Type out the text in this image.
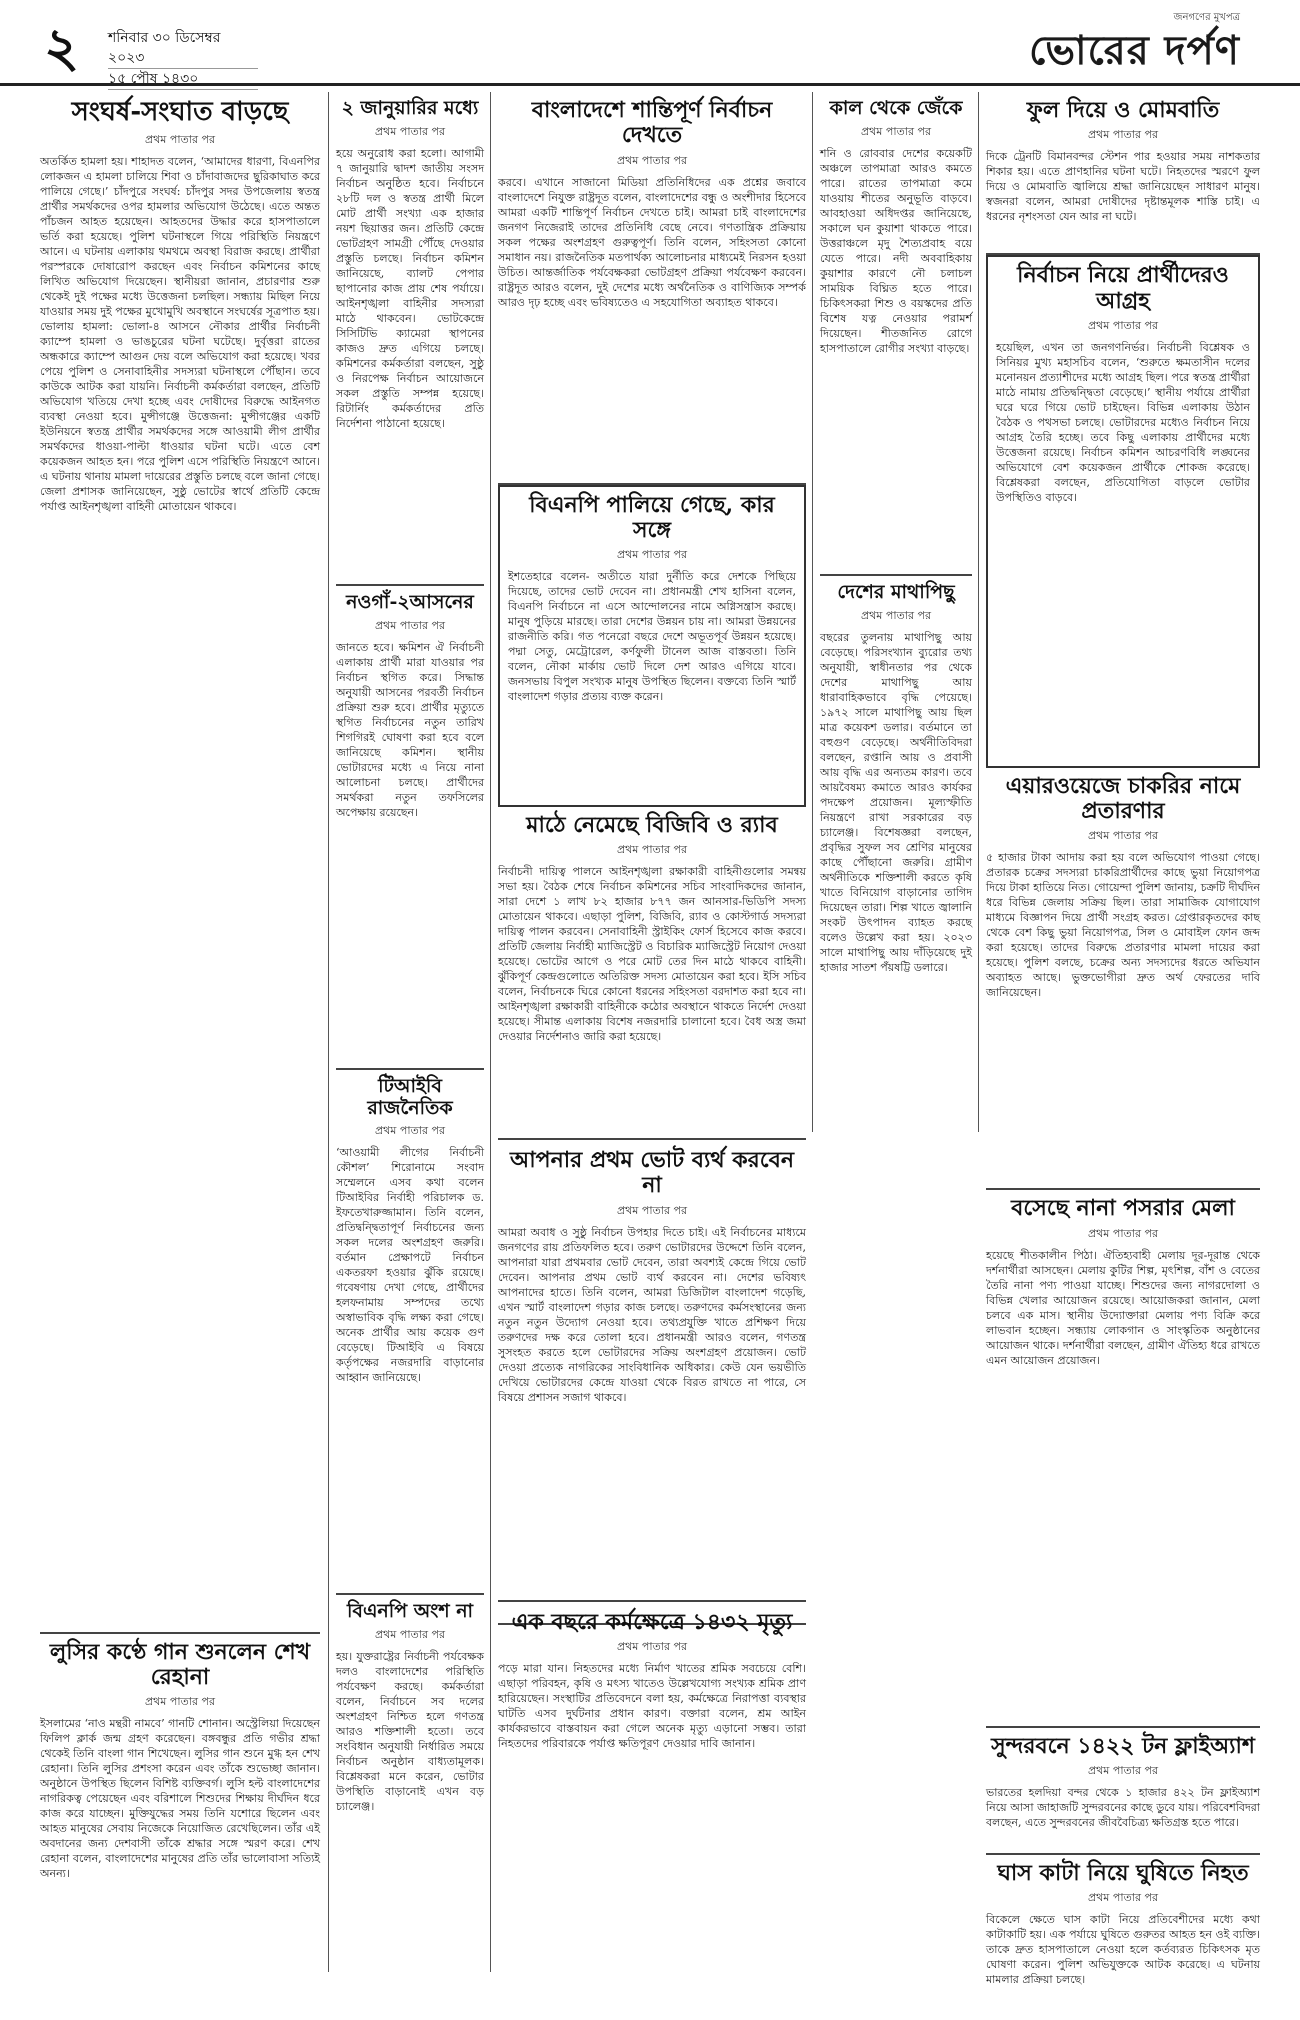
২ শনিবার ৩০ ডিসেম্বর ২০২৩
১৫ পৌষ ১৪৩০
জনগণের মুখপত্র
ভোরের দর্পণ
সংঘর্ষ-সংঘাত বাড়ছে
প্রথম পাতার পর
অতর্কিত হামলা হয়। শাহাদত বলেন, ‘আমাদের ধারণা, বিএনপির লোকজন এ হামলা চালিয়ে শিবা ও চাঁদাবাজদের ছুরিকাঘাত করে পালিয়ে গেছে।’ চাঁদপুরে সংঘর্ষ: চাঁদপুর সদর উপজেলায় স্বতন্ত্র প্রার্থীর সমর্থকদের ওপর হামলার অভিযোগ উঠেছে। এতে অন্তত পাঁচজন আহত হয়েছেন। আহতদের উদ্ধার করে হাসপাতালে ভর্তি করা হয়েছে। পুলিশ ঘটনাস্থলে গিয়ে পরিস্থিতি নিয়ন্ত্রণে আনে। এ ঘটনায় এলাকায় থমথমে অবস্থা বিরাজ করছে। প্রার্থীরা পরস্পরকে দোষারোপ করছেন এবং নির্বাচন কমিশনের কাছে লিখিত অভিযোগ দিয়েছেন। স্থানীয়রা জানান, প্রচারণার শুরু থেকেই দুই পক্ষের মধ্যে উত্তেজনা চলছিল। সন্ধ্যায় মিছিল নিয়ে যাওয়ার সময় দুই পক্ষের মুখোমুখি অবস্থানে সংঘর্ষের সূত্রপাত হয়। ভোলায় হামলা: ভোলা-৪ আসনে নৌকার প্রার্থীর নির্বাচনী ক্যাম্পে হামলা ও ভাঙচুরের ঘটনা ঘটেছে। দুর্বৃত্তরা রাতের অন্ধকারে ক্যাম্পে আগুন দেয় বলে অভিযোগ করা হয়েছে। খবর পেয়ে পুলিশ ও সেনাবাহিনীর সদস্যরা ঘটনাস্থলে পৌঁছান। তবে কাউকে আটক করা যায়নি। নির্বাচনী কর্মকর্তারা বলছেন, প্রতিটি অভিযোগ খতিয়ে দেখা হচ্ছে এবং দোষীদের বিরুদ্ধে আইনগত ব্যবস্থা নেওয়া হবে। মুন্সীগঞ্জে উত্তেজনা: মুন্সীগঞ্জের একটি ইউনিয়নে স্বতন্ত্র প্রার্থীর সমর্থকদের সঙ্গে আওয়ামী লীগ প্রার্থীর সমর্থকদের ধাওয়া-পাল্টা ধাওয়ার ঘটনা ঘটে। এতে বেশ কয়েকজন আহত হন। পরে পুলিশ এসে পরিস্থিতি নিয়ন্ত্রণে আনে। এ ঘটনায় থানায় মামলা দায়েরের প্রস্তুতি চলছে বলে জানা গেছে। জেলা প্রশাসক জানিয়েছেন, সুষ্ঠু ভোটের স্বার্থে প্রতিটি কেন্দ্রে পর্যাপ্ত আইনশৃঙ্খলা বাহিনী মোতায়েন থাকবে।
লুসির কণ্ঠে গান শুনলেন শেখ রেহানা
প্রথম পাতার পর
ইসলামের ‘নাও মন্থরী নামবে’ গানটি শোনান। অস্ট্রেলিয়া দিয়েছেন ফিলিপ ক্লার্ক জন্ম গ্রহণ করেছেন। বঙ্গবন্ধুর প্রতি গভীর শ্রদ্ধা থেকেই তিনি বাংলা গান শিখেছেন। লুসির গান শুনে মুগ্ধ হন শেখ রেহানা। তিনি লুসির প্রশংসা করেন এবং তাঁকে শুভেচ্ছা জানান। অনুষ্ঠানে উপস্থিত ছিলেন বিশিষ্ট ব্যক্তিবর্গ। লুসি হল্ট বাংলাদেশের নাগরিকত্ব পেয়েছেন এবং বরিশালে শিশুদের শিক্ষায় দীর্ঘদিন ধরে কাজ করে যাচ্ছেন। মুক্তিযুদ্ধের সময় তিনি যশোরে ছিলেন এবং আহত মানুষের সেবায় নিজেকে নিয়োজিত রেখেছিলেন। তাঁর এই অবদানের জন্য দেশবাসী তাঁকে শ্রদ্ধার সঙ্গে স্মরণ করে। শেখ রেহানা বলেন, বাংলাদেশের মানুষের প্রতি তাঁর ভালোবাসা সত্যিই অনন্য।
২ জানুয়ারির মধ্যে
প্রথম পাতার পর
হয়ে অনুরোধ করা হলো। আগামী ৭ জানুয়ারি দ্বাদশ জাতীয় সংসদ নির্বাচন অনুষ্ঠিত হবে। নির্বাচনে ২৮টি দল ও স্বতন্ত্র প্রার্থী মিলে মোট প্রার্থী সংখ্যা এক হাজার নয়শ ছিয়াত্তর জন। প্রতিটি কেন্দ্রে ভোটগ্রহণ সামগ্রী পৌঁছে দেওয়ার প্রস্তুতি চলছে। নির্বাচন কমিশন জানিয়েছে, ব্যালট পেপার ছাপানোর কাজ প্রায় শেষ পর্যায়ে। আইনশৃঙ্খলা বাহিনীর সদস্যরা মাঠে থাকবেন। ভোটকেন্দ্রে সিসিটিভি ক্যামেরা স্থাপনের কাজও দ্রুত এগিয়ে চলছে। কমিশনের কর্মকর্তারা বলছেন, সুষ্ঠু ও নিরপেক্ষ নির্বাচন আয়োজনে সকল প্রস্তুতি সম্পন্ন হয়েছে। রিটার্নিং কর্মকর্তাদের প্রতি নির্দেশনা পাঠানো হয়েছে।
নওগাঁ-২আসনের
প্রথম পাতার পর
জানতে হবে। ক্ষমিশন ঐ নির্বাচনী এলাকায় প্রার্থী মারা যাওয়ার পর নির্বাচন স্থগিত করে। সিদ্ধান্ত অনুযায়ী আসনের পরবর্তী নির্বাচন প্রক্রিয়া শুরু হবে। প্রার্থীর মৃত্যুতে স্থগিত নির্বাচনের নতুন তারিখ শিগগিরই ঘোষণা করা হবে বলে জানিয়েছে কমিশন। স্থানীয় ভোটারদের মধ্যে এ নিয়ে নানা আলোচনা চলছে। প্রার্থীদের সমর্থকরা নতুন তফসিলের অপেক্ষায় রয়েছেন।
টিআইবি রাজনৈতিক
প্রথম পাতার পর
‘আওয়ামী লীগের নির্বাচনী কৌশল’ শিরোনামে সংবাদ সম্মেলনে এসব কথা বলেন টিআইবির নির্বাহী পরিচালক ড. ইফতেখারুজ্জামান। তিনি বলেন, প্রতিদ্বন্দ্বিতাপূর্ণ নির্বাচনের জন্য সকল দলের অংশগ্রহণ জরুরি। বর্তমান প্রেক্ষাপটে নির্বাচন একতরফা হওয়ার ঝুঁকি রয়েছে। গবেষণায় দেখা গেছে, প্রার্থীদের হলফনামায় সম্পদের তথ্যে অস্বাভাবিক বৃদ্ধি লক্ষ্য করা গেছে। অনেক প্রার্থীর আয় কয়েক গুণ বেড়েছে। টিআইবি এ বিষয়ে কর্তৃপক্ষের নজরদারি বাড়ানোর আহ্বান জানিয়েছে।
বিএনপি অংশ না
প্রথম পাতার পর
হয়। যুক্তরাষ্ট্রের নির্বাচনী পর্যবেক্ষক দলও বাংলাদেশের পরিস্থিতি পর্যবেক্ষণ করছে। কর্মকর্তারা বলেন, নির্বাচনে সব দলের অংশগ্রহণ নিশ্চিত হলে গণতন্ত্র আরও শক্তিশালী হতো। তবে সংবিধান অনুযায়ী নির্ধারিত সময়ে নির্বাচন অনুষ্ঠান বাধ্যতামূলক। বিশ্লেষকরা মনে করেন, ভোটার উপস্থিতি বাড়ানোই এখন বড় চ্যালেঞ্জ।
বাংলাদেশে শান্তিপূর্ণ নির্বাচন দেখতে
প্রথম পাতার পর
করবে। এখানে সাজানো মিডিয়া প্রতিনিধিদের এক প্রশ্নের জবাবে বাংলাদেশে নিযুক্ত রাষ্ট্রদূত বলেন, বাংলাদেশের বন্ধু ও অংশীদার হিসেবে আমরা একটি শান্তিপূর্ণ নির্বাচন দেখতে চাই। আমরা চাই বাংলাদেশের জনগণ নিজেরাই তাদের প্রতিনিধি বেছে নেবে। গণতান্ত্রিক প্রক্রিয়ায় সকল পক্ষের অংশগ্রহণ গুরুত্বপূর্ণ। তিনি বলেন, সহিংসতা কোনো সমাধান নয়। রাজনৈতিক মতপার্থক্য আলোচনার মাধ্যমেই নিরসন হওয়া উচিত। আন্তর্জাতিক পর্যবেক্ষকরা ভোটগ্রহণ প্রক্রিয়া পর্যবেক্ষণ করবেন। রাষ্ট্রদূত আরও বলেন, দুই দেশের মধ্যে অর্থনৈতিক ও বাণিজ্যিক সম্পর্ক আরও দৃঢ় হচ্ছে এবং ভবিষ্যতেও এ সহযোগিতা অব্যাহত থাকবে।
বিএনপি পালিয়ে গেছে, কার সঙ্গে
প্রথম পাতার পর
ইশতেহারে বলেন- অতীতে যারা দুর্নীতি করে দেশকে পিছিয়ে দিয়েছে, তাদের ভোট দেবেন না। প্রধানমন্ত্রী শেখ হাসিনা বলেন, বিএনপি নির্বাচনে না এসে আন্দোলনের নামে অগ্নিসন্ত্রাস করছে। মানুষ পুড়িয়ে মারছে। তারা দেশের উন্নয়ন চায় না। আমরা উন্নয়নের রাজনীতি করি। গত পনেরো বছরে দেশে অভূতপূর্ব উন্নয়ন হয়েছে। পদ্মা সেতু, মেট্রোরেল, কর্ণফুলী টানেল আজ বাস্তবতা। তিনি বলেন, নৌকা মার্কায় ভোট দিলে দেশ আরও এগিয়ে যাবে। জনসভায় বিপুল সংখ্যক মানুষ উপস্থিত ছিলেন। বক্তব্যে তিনি স্মার্ট বাংলাদেশ গড়ার প্রত্যয় ব্যক্ত করেন।
মাঠে নেমেছে বিজিবি ও র‌্যাব
প্রথম পাতার পর
নির্বাচনী দায়িত্ব পালনে আইনশৃঙ্খলা রক্ষাকারী বাহিনীগুলোর সমন্বয় সভা হয়। বৈঠক শেষে নির্বাচন কমিশনের সচিব সাংবাদিকদের জানান, সারা দেশে ১ লাখ ৮২ হাজার ৮৭৭ জন আনসার-ভিডিপি সদস্য মোতায়েন থাকবে। এছাড়া পুলিশ, বিজিবি, র‌্যাব ও কোস্টগার্ড সদস্যরা দায়িত্ব পালন করবেন। সেনাবাহিনী স্ট্রাইকিং ফোর্স হিসেবে কাজ করবে। প্রতিটি জেলায় নির্বাহী ম্যাজিস্ট্রেট ও বিচারিক ম্যাজিস্ট্রেট নিয়োগ দেওয়া হয়েছে। ভোটের আগে ও পরে মোট তের দিন মাঠে থাকবে বাহিনী। ঝুঁকিপূর্ণ কেন্দ্রগুলোতে অতিরিক্ত সদস্য মোতায়েন করা হবে। ইসি সচিব বলেন, নির্বাচনকে ঘিরে কোনো ধরনের সহিংসতা বরদাশত করা হবে না। আইনশৃঙ্খলা রক্ষাকারী বাহিনীকে কঠোর অবস্থানে থাকতে নির্দেশ দেওয়া হয়েছে। সীমান্ত এলাকায় বিশেষ নজরদারি চালানো হবে। বৈধ অস্ত্র জমা দেওয়ার নির্দেশনাও জারি করা হয়েছে।
কাল থেকে জেঁকে
প্রথম পাতার পর
শনি ও রোববার দেশের কয়েকটি অঞ্চলে তাপমাত্রা আরও কমতে পারে। রাতের তাপমাত্রা কমে যাওয়ায় শীতের অনুভূতি বাড়বে। আবহাওয়া অধিদপ্তর জানিয়েছে, সকালে ঘন কুয়াশা থাকতে পারে। উত্তরাঞ্চলে মৃদু শৈত্যপ্রবাহ বয়ে যেতে পারে। নদী অববাহিকায় কুয়াশার কারণে নৌ চলাচল সাময়িক বিঘ্নিত হতে পারে। চিকিৎসকরা শিশু ও বয়স্কদের প্রতি বিশেষ যত্ন নেওয়ার পরামর্শ দিয়েছেন। শীতজনিত রোগে হাসপাতালে রোগীর সংখ্যা বাড়ছে।
দেশের মাথাপিছু
প্রথম পাতার পর
বছরের তুলনায় মাথাপিছু আয় বেড়েছে। পরিসংখ্যান ব্যুরোর তথ্য অনুযায়ী, স্বাধীনতার পর থেকে দেশের মাথাপিছু আয় ধারাবাহিকভাবে বৃদ্ধি পেয়েছে। ১৯৭২ সালে মাথাপিছু আয় ছিল মাত্র কয়েকশ ডলার। বর্তমানে তা বহুগুণ বেড়েছে। অর্থনীতিবিদরা বলছেন, রপ্তানি আয় ও প্রবাসী আয় বৃদ্ধি এর অন্যতম কারণ। তবে আয়বৈষম্য কমাতে আরও কার্যকর পদক্ষেপ প্রয়োজন। মূল্যস্ফীতি নিয়ন্ত্রণে রাখা সরকারের বড় চ্যালেঞ্জ। বিশেষজ্ঞরা বলছেন, প্রবৃদ্ধির সুফল সব শ্রেণির মানুষের কাছে পৌঁছানো জরুরি। গ্রামীণ অর্থনীতিকে শক্তিশালী করতে কৃষি খাতে বিনিয়োগ বাড়ানোর তাগিদ দিয়েছেন তারা। শিল্প খাতে জ্বালানি সংকট উৎপাদন ব্যাহত করছে বলেও উল্লেখ করা হয়। ২০২৩ সালে মাথাপিছু আয় দাঁড়িয়েছে দুই হাজার সাতশ পঁয়ষট্টি ডলারে।
আপনার প্রথম ভোট ব্যর্থ করবেন না
প্রথম পাতার পর
আমরা অবাধ ও সুষ্ঠু নির্বাচন উপহার দিতে চাই। এই নির্বাচনের মাধ্যমে জনগণের রায় প্রতিফলিত হবে। তরুণ ভোটারদের উদ্দেশে তিনি বলেন, আপনারা যারা প্রথমবার ভোট দেবেন, তারা অবশ্যই কেন্দ্রে গিয়ে ভোট দেবেন। আপনার প্রথম ভোট ব্যর্থ করবেন না। দেশের ভবিষ্যৎ আপনাদের হাতে। তিনি বলেন, আমরা ডিজিটাল বাংলাদেশ গড়েছি, এখন স্মার্ট বাংলাদেশ গড়ার কাজ চলছে। তরুণদের কর্মসংস্থানের জন্য নতুন নতুন উদ্যোগ নেওয়া হবে। তথ্যপ্রযুক্তি খাতে প্রশিক্ষণ দিয়ে তরুণদের দক্ষ করে তোলা হবে। প্রধানমন্ত্রী আরও বলেন, গণতন্ত্র সুসংহত করতে হলে ভোটারদের সক্রিয় অংশগ্রহণ প্রয়োজন। ভোট দেওয়া প্রত্যেক নাগরিকের সাংবিধানিক অধিকার। কেউ যেন ভয়ভীতি দেখিয়ে ভোটারদের কেন্দ্রে যাওয়া থেকে বিরত রাখতে না পারে, সে বিষয়ে প্রশাসন সজাগ থাকবে।
এক বছরে কর্মক্ষেত্রে ১৪৩২ মৃত্যু
প্রথম পাতার পর
পড়ে মারা যান। নিহতদের মধ্যে নির্মাণ খাতের শ্রমিক সবচেয়ে বেশি। এছাড়া পরিবহন, কৃষি ও মৎস্য খাতেও উল্লেখযোগ্য সংখ্যক শ্রমিক প্রাণ হারিয়েছেন। সংস্থাটির প্রতিবেদনে বলা হয়, কর্মক্ষেত্রে নিরাপত্তা ব্যবস্থার ঘাটতি এসব দুর্ঘটনার প্রধান কারণ। বক্তারা বলেন, শ্রম আইন কার্যকরভাবে বাস্তবায়ন করা গেলে অনেক মৃত্যু এড়ানো সম্ভব। তারা নিহতদের পরিবারকে পর্যাপ্ত ক্ষতিপূরণ দেওয়ার দাবি জানান।
ফুল দিয়ে ও মোমবাতি
প্রথম পাতার পর
দিকে ট্রেনটি বিমানবন্দর স্টেশন পার হওয়ার সময় নাশকতার শিকার হয়। এতে প্রাণহানির ঘটনা ঘটে। নিহতদের স্মরণে ফুল দিয়ে ও মোমবাতি জ্বালিয়ে শ্রদ্ধা জানিয়েছেন সাধারণ মানুষ। স্বজনরা বলেন, আমরা দোষীদের দৃষ্টান্তমূলক শাস্তি চাই। এ ধরনের নৃশংসতা যেন আর না ঘটে।
নির্বাচন নিয়ে প্রার্থীদেরও আগ্রহ
প্রথম পাতার পর
হয়েছিল, এখন তা জনগণনির্ভর। নির্বাচনী বিশ্লেষক ও সিনিয়র মুখ্য মহাসচিব বলেন, ‘শুরুতে ক্ষমতাসীন দলের মনোনয়ন প্রত্যাশীদের মধ্যে আগ্রহ ছিল। পরে স্বতন্ত্র প্রার্থীরা মাঠে নামায় প্রতিদ্বন্দ্বিতা বেড়েছে।’ স্থানীয় পর্যায়ে প্রার্থীরা ঘরে ঘরে গিয়ে ভোট চাইছেন। বিভিন্ন এলাকায় উঠান বৈঠক ও পথসভা চলছে। ভোটারদের মধ্যেও নির্বাচন নিয়ে আগ্রহ তৈরি হচ্ছে। তবে কিছু এলাকায় প্রার্থীদের মধ্যে উত্তেজনা রয়েছে। নির্বাচন কমিশন আচরণবিধি লঙ্ঘনের অভিযোগে বেশ কয়েকজন প্রার্থীকে শোকজ করেছে। বিশ্লেষকরা বলছেন, প্রতিযোগিতা বাড়লে ভোটার উপস্থিতিও বাড়বে।
এয়ারওয়েজে চাকরির নামে প্রতারণার
প্রথম পাতার পর
৫ হাজার টাকা আদায় করা হয় বলে অভিযোগ পাওয়া গেছে। প্রতারক চক্রের সদস্যরা চাকরিপ্রার্থীদের কাছে ভুয়া নিয়োগপত্র দিয়ে টাকা হাতিয়ে নিত। গোয়েন্দা পুলিশ জানায়, চক্রটি দীর্ঘদিন ধরে বিভিন্ন জেলায় সক্রিয় ছিল। তারা সামাজিক যোগাযোগ মাধ্যমে বিজ্ঞাপন দিয়ে প্রার্থী সংগ্রহ করত। গ্রেপ্তারকৃতদের কাছ থেকে বেশ কিছু ভুয়া নিয়োগপত্র, সিল ও মোবাইল ফোন জব্দ করা হয়েছে। তাদের বিরুদ্ধে প্রতারণার মামলা দায়ের করা হয়েছে। পুলিশ বলছে, চক্রের অন্য সদস্যদের ধরতে অভিযান অব্যাহত আছে। ভুক্তভোগীরা দ্রুত অর্থ ফেরতের দাবি জানিয়েছেন।
বসেছে নানা পসরার মেলা
প্রথম পাতার পর
হয়েছে শীতকালীন পিঠা। ঐতিহ্যবাহী মেলায় দূর-দূরান্ত থেকে দর্শনার্থীরা আসছেন। মেলায় কুটির শিল্প, মৃৎশিল্প, বাঁশ ও বেতের তৈরি নানা পণ্য পাওয়া যাচ্ছে। শিশুদের জন্য নাগরদোলা ও বিভিন্ন খেলার আয়োজন রয়েছে। আয়োজকরা জানান, মেলা চলবে এক মাস। স্থানীয় উদ্যোক্তারা মেলায় পণ্য বিক্রি করে লাভবান হচ্ছেন। সন্ধ্যায় লোকগান ও সাংস্কৃতিক অনুষ্ঠানের আয়োজন থাকে। দর্শনার্থীরা বলছেন, গ্রামীণ ঐতিহ্য ধরে রাখতে এমন আয়োজন প্রয়োজন।
সুন্দরবনে ১৪২২ টন ফ্লাইঅ্যাশ
প্রথম পাতার পর
ভারতের হলদিয়া বন্দর থেকে ১ হাজার ৪২২ টন ফ্লাইঅ্যাশ নিয়ে আসা জাহাজটি সুন্দরবনের কাছে ডুবে যায়। পরিবেশবিদরা বলছেন, এতে সুন্দরবনের জীববৈচিত্র্য ক্ষতিগ্রস্ত হতে পারে।
ঘাস কাটা নিয়ে ঘুষিতে নিহত
প্রথম পাতার পর
বিকেলে ক্ষেতে ঘাস কাটা নিয়ে প্রতিবেশীদের মধ্যে কথা কাটাকাটি হয়। এক পর্যায়ে ঘুষিতে গুরুতর আহত হন ওই ব্যক্তি। তাকে দ্রুত হাসপাতালে নেওয়া হলে কর্তব্যরত চিকিৎসক মৃত ঘোষণা করেন। পুলিশ অভিযুক্তকে আটক করেছে। এ ঘটনায় মামলার প্রক্রিয়া চলছে।
